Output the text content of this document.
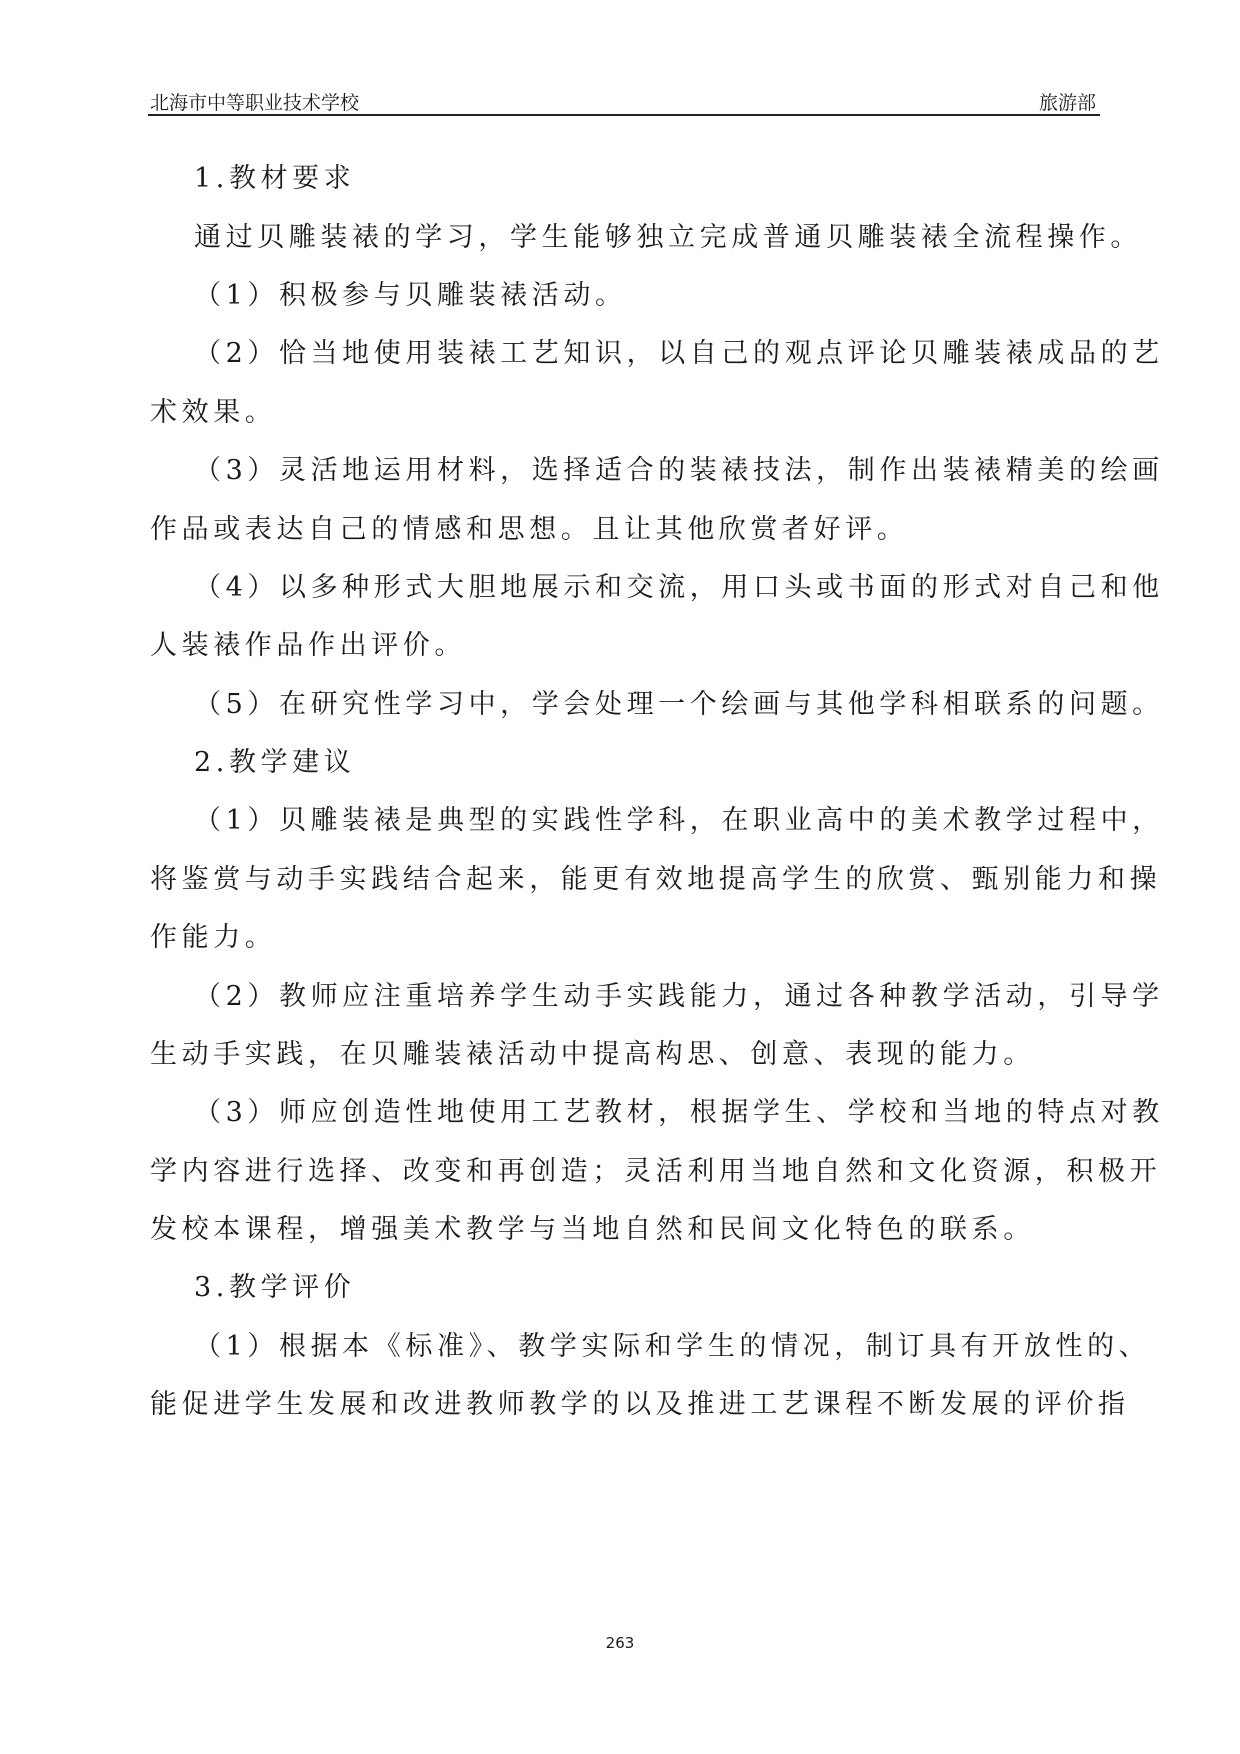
北海市中等职业技术学校	旅游部
1.教材要求
通过贝雕装裱的学习，学生能够独立完成普通贝雕装裱全流程操作。
（1）积极参与贝雕装裱活动。
（2）恰当地使用装裱工艺知识，以自己的观点评论贝雕装裱成品的艺
术效果。
（3）灵活地运用材料，选择适合的装裱技法，制作出装裱精美的绘画
作品或表达自己的情感和思想。且让其他欣赏者好评。
（4）以多种形式大胆地展示和交流，用口头或书面的形式对自己和他
人装裱作品作出评价。
（5）在研究性学习中，学会处理一个绘画与其他学科相联系的问题。
2.教学建议
（1）贝雕装裱是典型的实践性学科，在职业高中的美术教学过程中，
将鉴赏与动手实践结合起来，能更有效地提高学生的欣赏、甄别能力和操
作能力。
（2）教师应注重培养学生动手实践能力，通过各种教学活动，引导学
生动手实践，在贝雕装裱活动中提高构思、创意、表现的能力。
（3）师应创造性地使用工艺教材，根据学生、学校和当地的特点对教
学内容进行选择、改变和再创造；灵活利用当地自然和文化资源，积极开
发校本课程，增强美术教学与当地自然和民间文化特色的联系。
3.教学评价
（1）根据本《标准》、教学实际和学生的情况，制订具有开放性的、
能促进学生发展和改进教师教学的以及推进工艺课程不断发展的评价指
263
